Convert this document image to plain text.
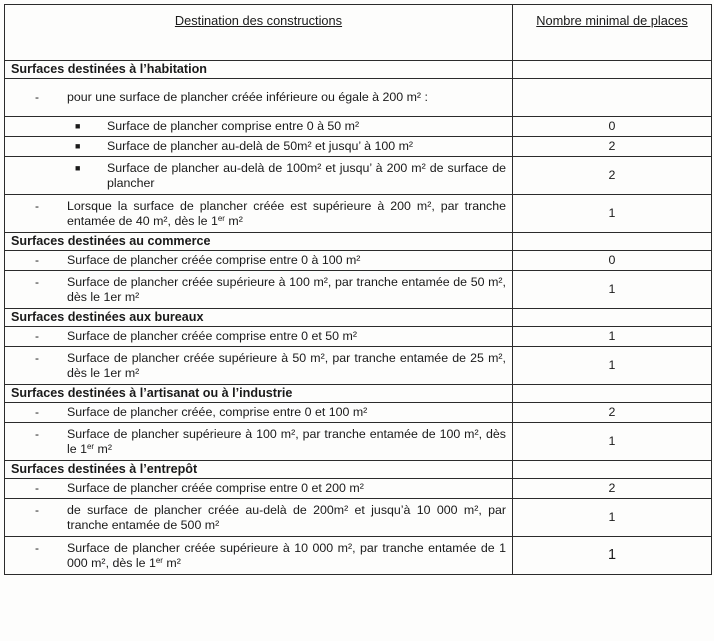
Destination des constructions	Nombre minimal de places
Surfaces destinées à l’habitation	

- pour une surface de plancher créée inférieure ou égale à 200 m² :	

■ Surface de plancher comprise entre 0 à 50 m²	0

■ Surface de plancher au-delà de 50m² et jusqu’ à 100 m²	2

■ Surface de plancher au-delà de 100m² et jusqu’ à 200 m² de surface de plancher	2

- Lorsque la surface de plancher créée est supérieure à 200 m², par tranche entamée de 40 m², dès le 1er m²	1
Surfaces destinées au commerce	

- Surface de plancher créée comprise entre 0 à 100 m²	0

- Surface de plancher créée supérieure à 100 m², par tranche entamée de 50 m², dès le 1er m²	1
Surfaces destinées aux bureaux	

- Surface de plancher créée comprise entre 0 et 50 m²	1

- Surface de plancher créée supérieure à 50 m², par tranche entamée de 25 m², dès le 1er m²	1
Surfaces destinées à l’artisanat ou à l’industrie	

- Surface de plancher créée, comprise entre 0 et 100 m²	2

- Surface de plancher supérieure à 100 m², par tranche entamée de 100 m², dès le 1er m²	1
Surfaces destinées à l’entrepôt	

- Surface de plancher créée comprise entre 0 et 200 m²	2

- de surface de plancher créée au-delà de 200m² et jusqu’à 10 000 m², par tranche entamée de 500 m²	1

- Surface de plancher créée supérieure à 10 000 m², par tranche entamée de 1 000 m², dès le 1er m²	1
